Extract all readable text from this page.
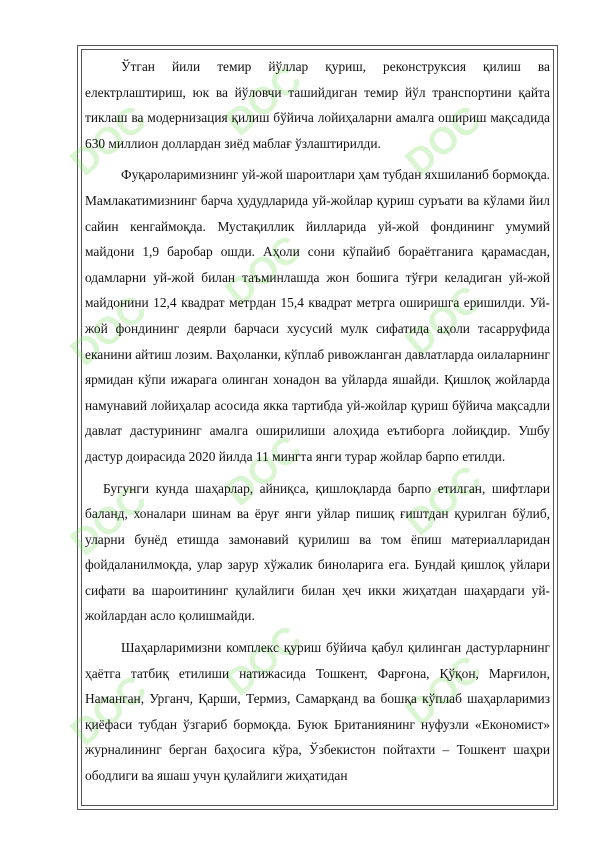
DOC DOC DOC
DOC
DOC
DOC
DOC
DOC DOC
DOC
DOC DOC

Ўтган йили темир йўллар қуриш, реконструксия қилиш ва електрлаштириш, юк ва йўловчи ташийдиган темир йўл транспортини қайта тиклаш ва модернизация қилиш бўйича лойиҳаларни амалга ошириш мақсадида 630 миллион доллардан зиёд маблағ ўзлаштирилди.

Фуқароларимизнинг уй-жой шароитлари ҳам тубдан яхшиланиб бормоқда. Мамлакатимизнинг барча ҳудудларида уй-жойлар қуриш суръати ва кўлами йил сайин кенгаймоқда. Мустақиллик йилларида уй-жой фондининг умумий майдони 1,9 баробар ошди. Аҳоли сони кўпайиб бораётганига қарамасдан, одамларни уй-жой билан таъминлашда жон бошига тўғри келадиган уй-жой майдонини 12,4 квадрат метрдан 15,4 квадрат метрга оширишга еришилди. Уй-жой фондининг деярли барчаси хусусий мулк сифатида аҳоли тасарруфида еканини айтиш лозим. Ваҳоланки, кўплаб ривожланган давлатларда оилаларнинг ярмидан кўпи ижарага олинган хонадон ва уйларда яшайди. Қишлоқ жойларда намунавий лойиҳалар асосида якка тартибда уй-жойлар қуриш бўйича мақсадли давлат дастурининг амалга оширилиши алоҳида еътиборга лойиқдир. Ушбу дастур доирасида 2020 йилда 11 мингта янги турар жойлар барпо етилди.

Бугунги кунда шаҳарлар, айниқса, қишлоқларда барпо етилган, шифтлари баланд, хоналари шинам ва ёруғ янги уйлар пишиқ ғиштдан қурилган бўлиб, уларни бунёд етишда замонавий қурилиш ва том ёпиш материалларидан фойдаланилмоқда, улар зарур хўжалик биноларига ега. Бундай қишлоқ уйлари сифати ва шароитининг қулайлиги билан ҳеч икки жиҳатдан шаҳардаги уй-жойлардан асло қолишмайди.

Шаҳарларимизни комплекс қуриш бўйича қабул қилинган дастурларнинг ҳаётга татбиқ етилиши натижасида Тошкент, Фарғона, Қўқон, Марғилон, Наманган, Урганч, Қарши, Термиз, Самарқанд ва бошқа кўплаб шаҳарларимиз қиёфаси тубдан ўзгариб бормоқда. Буюк Британиянинг нуфузли «Економист» журналининг берган баҳосига кўра, Ўзбекистон пойтахти – Тошкент шаҳри ободлиги ва яшаш учун қулайлиги жиҳатидан
